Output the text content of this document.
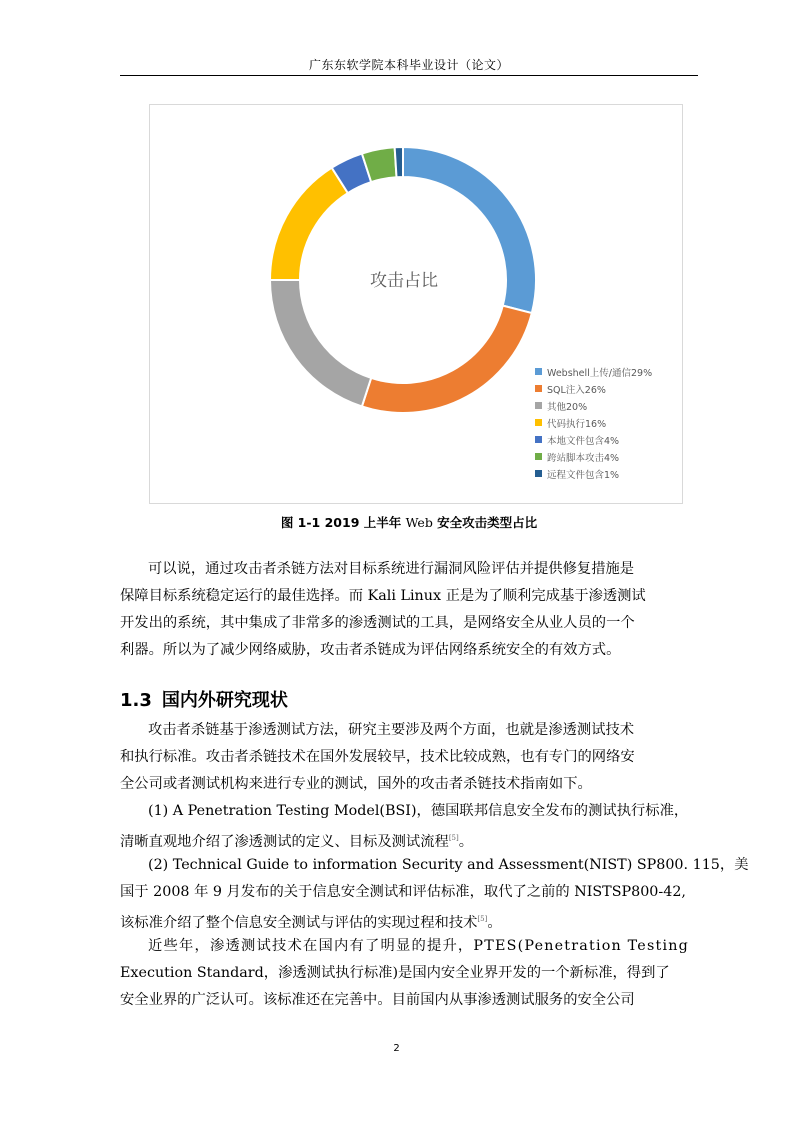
广东东软学院本科毕业设计（论文）
攻击占比
Webshell上传/通信29%
SQL注入26%
其他20%
代码执行16%
本地文件包含4%
跨站脚本攻击4%
远程文件包含1%
图 1-1 2019 上半年 Web 安全攻击类型占比
可以说，通过攻击者杀链方法对目标系统进行漏洞风险评估并提供修复措施是
保障目标系统稳定运行的最佳选择。而 Kali Linux 正是为了顺利完成基于渗透测试
开发出的系统，其中集成了非常多的渗透测试的工具，是网络安全从业人员的一个
利器。所以为了减少网络威胁，攻击者杀链成为评估网络系统安全的有效方式。
1.3 国内外研究现状
攻击者杀链基于渗透测试方法，研究主要涉及两个方面，也就是渗透测试技术
和执行标准。攻击者杀链技术在国外发展较早，技术比较成熟，也有专门的网络安
全公司或者测试机构来进行专业的测试，国外的攻击者杀链技术指南如下。
(1) A Penetration Testing Model(BSI)，德国联邦信息安全发布的测试执行标准，
清晰直观地介绍了渗透测试的定义、目标及测试流程[5]。
(2) Technical Guide to information Security and Assessment(NIST) SP800. 115，美
国于 2008 年 9 月发布的关于信息安全测试和评估标准，取代了之前的 NISTSP800-42,
该标准介绍了整个信息安全测试与评估的实现过程和技术[5]。
近些年，渗透测试技术在国内有了明显的提升，PTES(Penetration Testing
Execution Standard，渗透测试执行标准)是国内安全业界开发的一个新标准，得到了
安全业界的广泛认可。该标准还在完善中。目前国内从事渗透测试服务的安全公司
2
